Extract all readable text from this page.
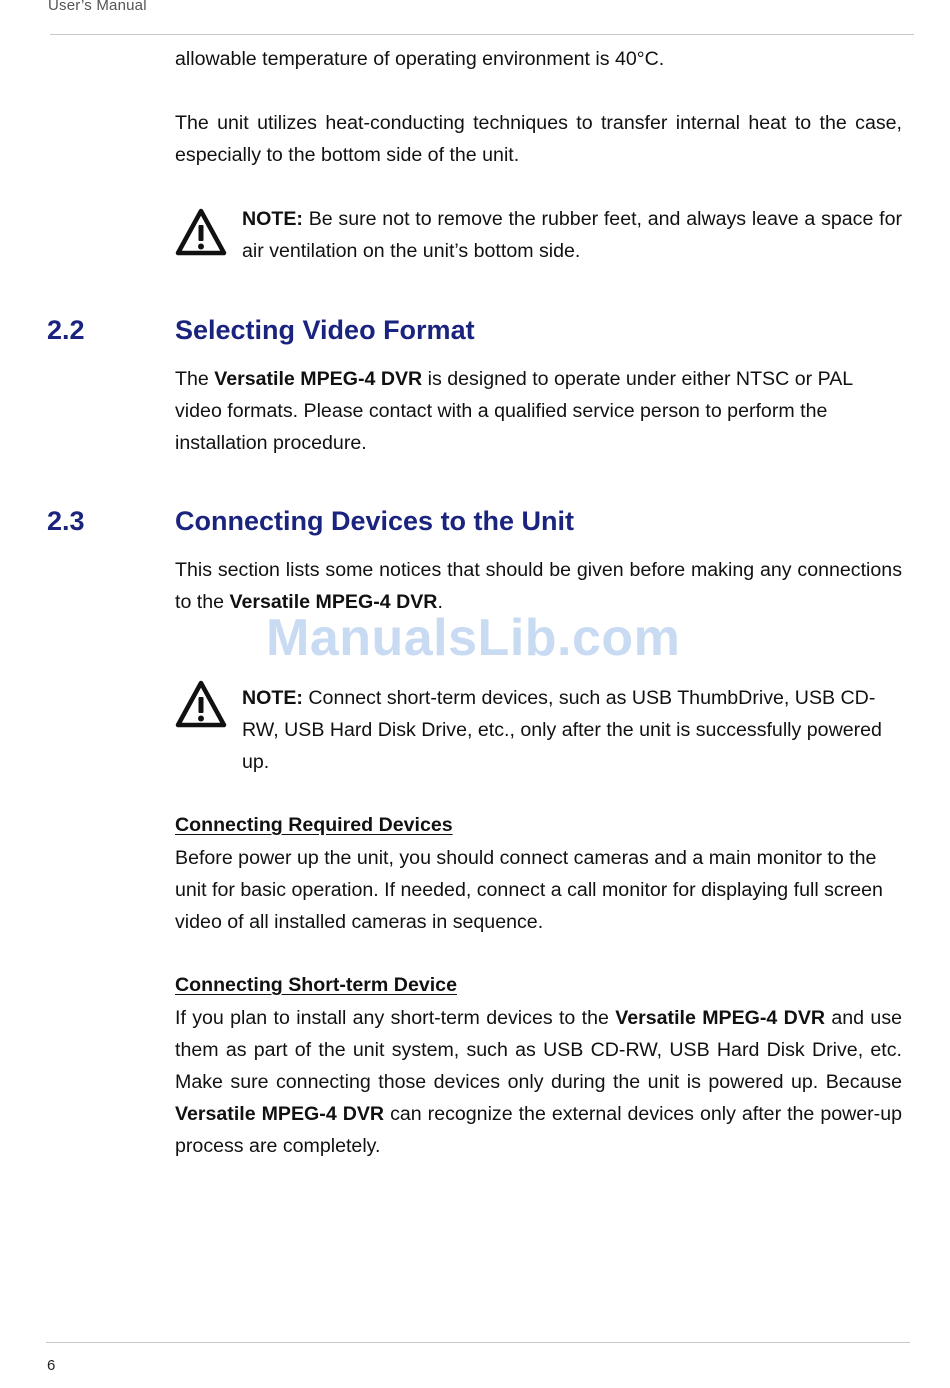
User’s Manual

allowable temperature of operating environment is 40°C.

The unit utilizes heat-conducting techniques to transfer internal heat to the case, especially to the bottom side of the unit.

NOTE: Be sure not to remove the rubber feet, and always leave a space for air ventilation on the unit’s bottom side.

2.2	Selecting Video Format

The Versatile MPEG-4 DVR is designed to operate under either NTSC or PAL video formats. Please contact with a qualified service person to perform the installation procedure.

2.3	Connecting Devices to the Unit

This section lists some notices that should be given before making any connections to the Versatile MPEG-4 DVR.

ManualsLib.com

NOTE: Connect short-term devices, such as USB ThumbDrive, USB CD-RW, USB Hard Disk Drive, etc., only after the unit is successfully powered up.

Connecting Required Devices

Before power up the unit, you should connect cameras and a main monitor to the unit for basic operation. If needed, connect a call monitor for displaying full screen video of all installed cameras in sequence.

Connecting Short-term Device

If you plan to install any short-term devices to the Versatile MPEG-4 DVR and use them as part of the unit system, such as USB CD-RW, USB Hard Disk Drive, etc. Make sure connecting those devices only during the unit is powered up. Because Versatile MPEG-4 DVR can recognize the external devices only after the power-up process are completely.

6
